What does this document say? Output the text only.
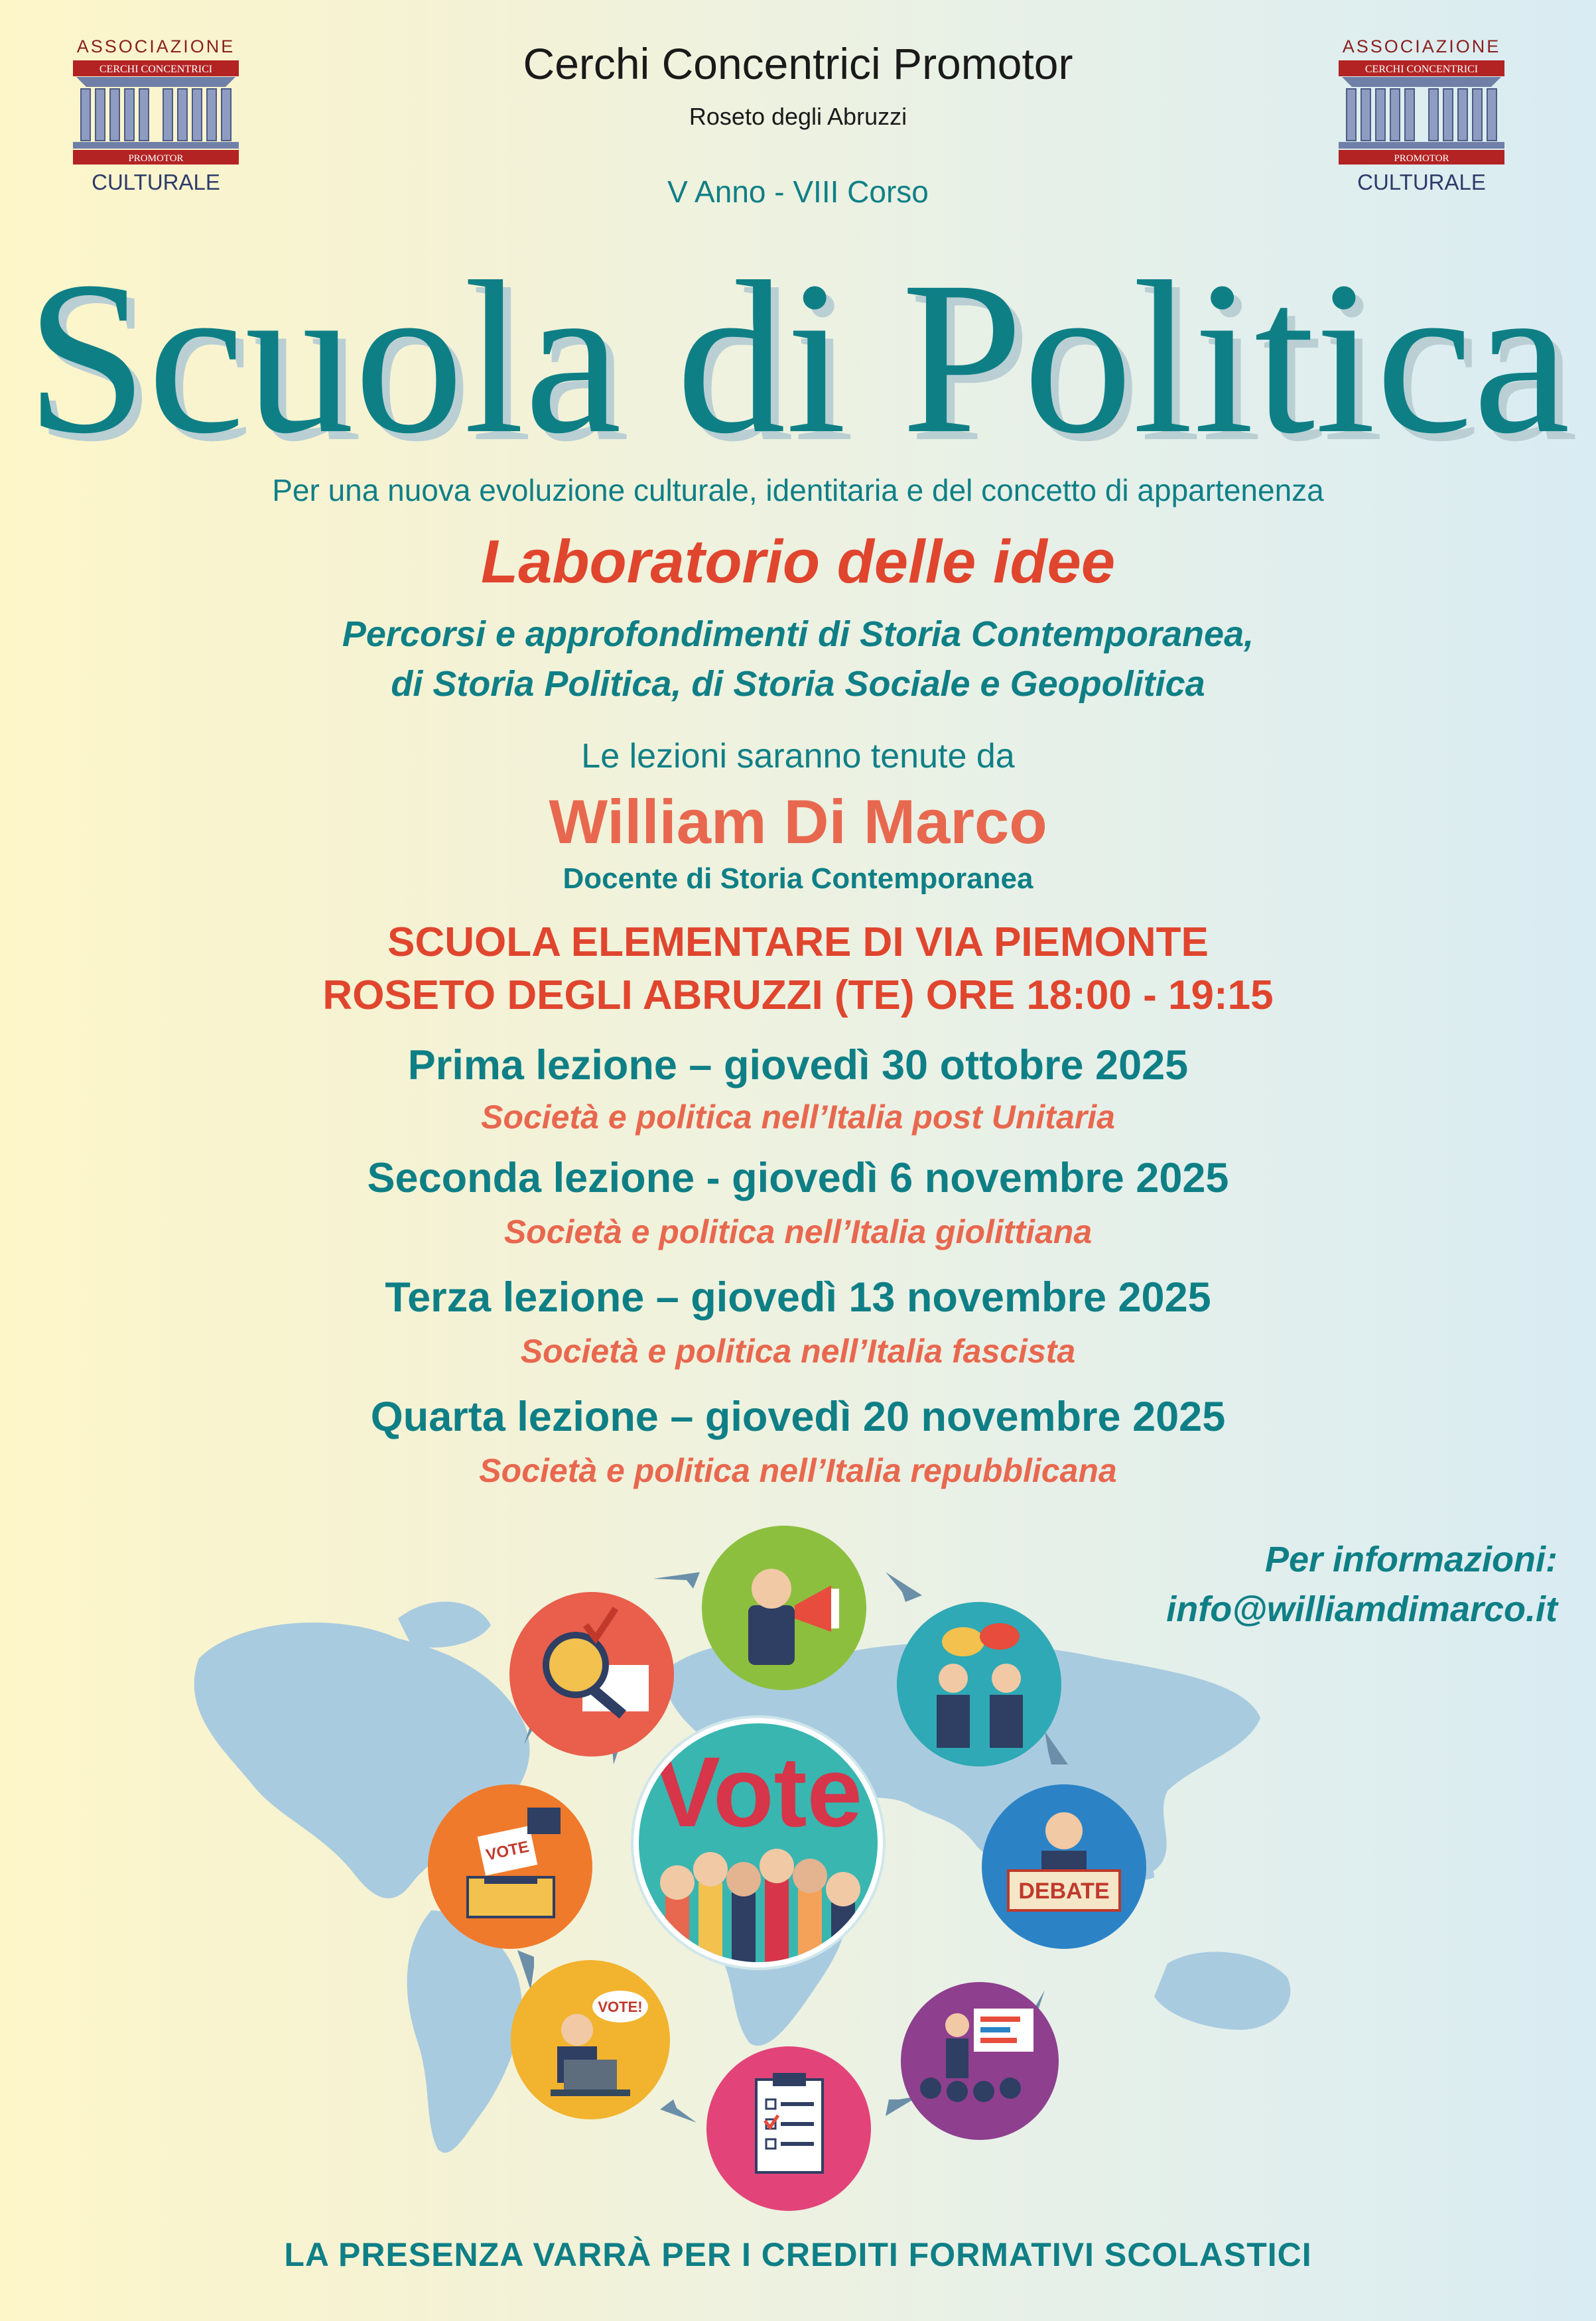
ASSOCIAZIONE
CERCHI CONCENTRICI
PROMOTOR
CULTURALE
ASSOCIAZIONE
CERCHI CONCENTRICI
PROMOTOR
CULTURALE
Cerchi Concentrici Promotor
Roseto degli Abruzzi
V Anno - VIII Corso
Scuola di Politica
Per una nuova evoluzione culturale, identitaria e del concetto di appartenenza
Laboratorio delle idee
Percorsi e approfondimenti di Storia Contemporanea,
di Storia Politica, di Storia Sociale e Geopolitica
Le lezioni saranno tenute da
William Di Marco
Docente di Storia Contemporanea
SCUOLA ELEMENTARE DI VIA PIEMONTE
ROSETO DEGLI ABRUZZI (TE) ORE 18:00 - 19:15
Prima lezione – giovedì 30 ottobre 2025
Società e politica nell’Italia post Unitaria
Seconda lezione - giovedì 6 novembre 2025
Società e politica nell’Italia giolittiana
Terza lezione – giovedì 13 novembre 2025
Società e politica nell’Italia fascista
Quarta lezione – giovedì 20 novembre 2025
Società e politica nell’Italia repubblicana
Per informazioni:
info@williamdimarco.it
Vote
DEBATE
VOTE!
VOTE
LA PRESENZA VARRÀ PER I CREDITI FORMATIVI SCOLASTICI
